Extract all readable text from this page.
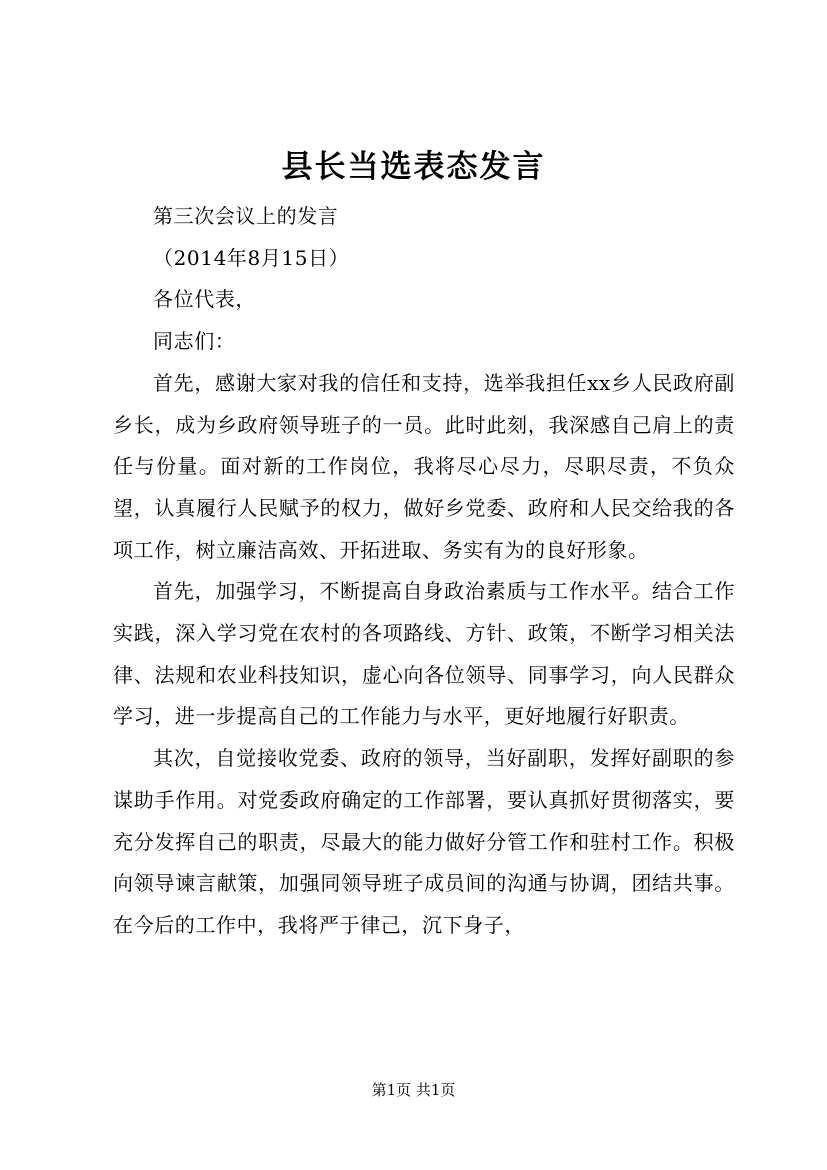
县长当选表态发言

第三次会议上的发言

（2014年8月15日）

各位代表，

同志们：

首先，感谢大家对我的信任和支持，选举我担任xx乡人民政府副乡长，成为乡政府领导班子的一员。此时此刻，我深感自己肩上的责任与份量。面对新的工作岗位，我将尽心尽力，尽职尽责，不负众望，认真履行人民赋予的权力，做好乡党委、政府和人民交给我的各项工作，树立廉洁高效、开拓进取、务实有为的良好形象。

首先，加强学习，不断提高自身政治素质与工作水平。结合工作实践，深入学习党在农村的各项路线、方针、政策，不断学习相关法律、法规和农业科技知识，虚心向各位领导、同事学习，向人民群众学习，进一步提高自己的工作能力与水平，更好地履行好职责。

其次，自觉接收党委、政府的领导，当好副职，发挥好副职的参谋助手作用。对党委政府确定的工作部署，要认真抓好贯彻落实，要充分发挥自己的职责，尽最大的能力做好分管工作和驻村工作。积极向领导谏言献策，加强同领导班子成员间的沟通与协调，团结共事。在今后的工作中，我将严于律己，沉下身子，

第1页 共1页
